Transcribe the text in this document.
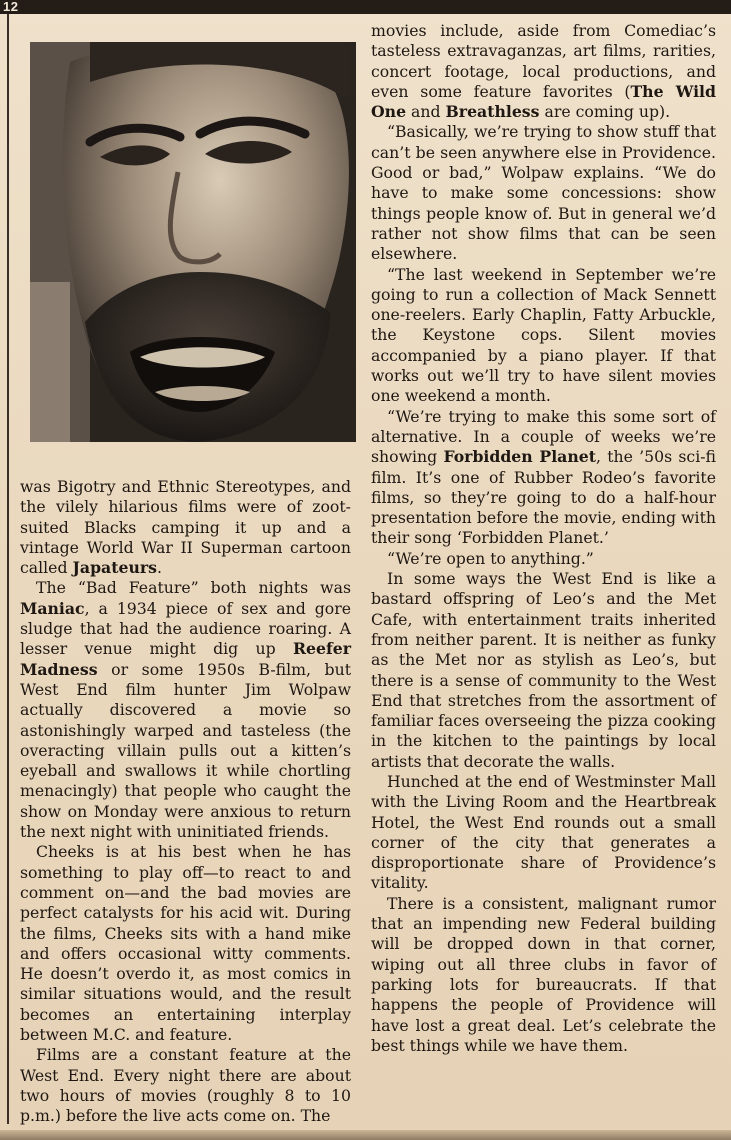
12

was Bigotry and Ethnic Stereotypes, and the vilely hilarious films were of zoot-suited Blacks camping it up and a vintage World War II Superman cartoon called Japateurs.

The “Bad Feature” both nights was Maniac, a 1934 piece of sex and gore sludge that had the audience roaring. A lesser venue might dig up Reefer Madness or some 1950s B-film, but West End film hunter Jim Wolpaw actually discovered a movie so astonishingly warped and tasteless (the overacting villain pulls out a kitten’s eyeball and swallows it while chortling menacingly) that people who caught the show on Monday were anxious to return the next night with uninitiated friends.

Cheeks is at his best when he has something to play off—to react to and comment on—and the bad movies are perfect catalysts for his acid wit. During the films, Cheeks sits with a hand mike and offers occasional witty comments. He doesn’t overdo it, as most comics in similar situations would, and the result becomes an entertaining interplay between M.C. and feature.

Films are a constant feature at the West End. Every night there are about two hours of movies (roughly 8 to 10 p.m.) before the live acts come on. The

movies include, aside from Comediac’s tasteless extravaganzas, art films, rarities, concert footage, local productions, and even some feature favorites (The Wild One and Breathless are coming up).

“Basically, we’re trying to show stuff that can’t be seen anywhere else in Providence. Good or bad,” Wolpaw explains. “We do have to make some concessions: show things people know of. But in general we’d rather not show films that can be seen elsewhere.

“The last weekend in September we’re going to run a collection of Mack Sennett one-reelers. Early Chaplin, Fatty Arbuckle, the Keystone cops. Silent movies accompanied by a piano player. If that works out we’ll try to have silent movies one weekend a month.

“We’re trying to make this some sort of alternative. In a couple of weeks we’re showing Forbidden Planet, the ’50s sci-fi film. It’s one of Rubber Rodeo’s favorite films, so they’re going to do a half-hour presentation before the movie, ending with their song ‘Forbidden Planet.’

“We’re open to anything.”

In some ways the West End is like a bastard offspring of Leo’s and the Met Cafe, with entertainment traits inherited from neither parent. It is neither as funky as the Met nor as stylish as Leo’s, but there is a sense of community to the West End that stretches from the assortment of familiar faces overseeing the pizza cooking in the kitchen to the paintings by local artists that decorate the walls.

Hunched at the end of Westminster Mall with the Living Room and the Heartbreak Hotel, the West End rounds out a small corner of the city that generates a disproportionate share of Providence’s vitality.

There is a consistent, malignant rumor that an impending new Federal building will be dropped down in that corner, wiping out all three clubs in favor of parking lots for bureaucrats. If that happens the people of Providence will have lost a great deal. Let’s celebrate the best things while we have them.
